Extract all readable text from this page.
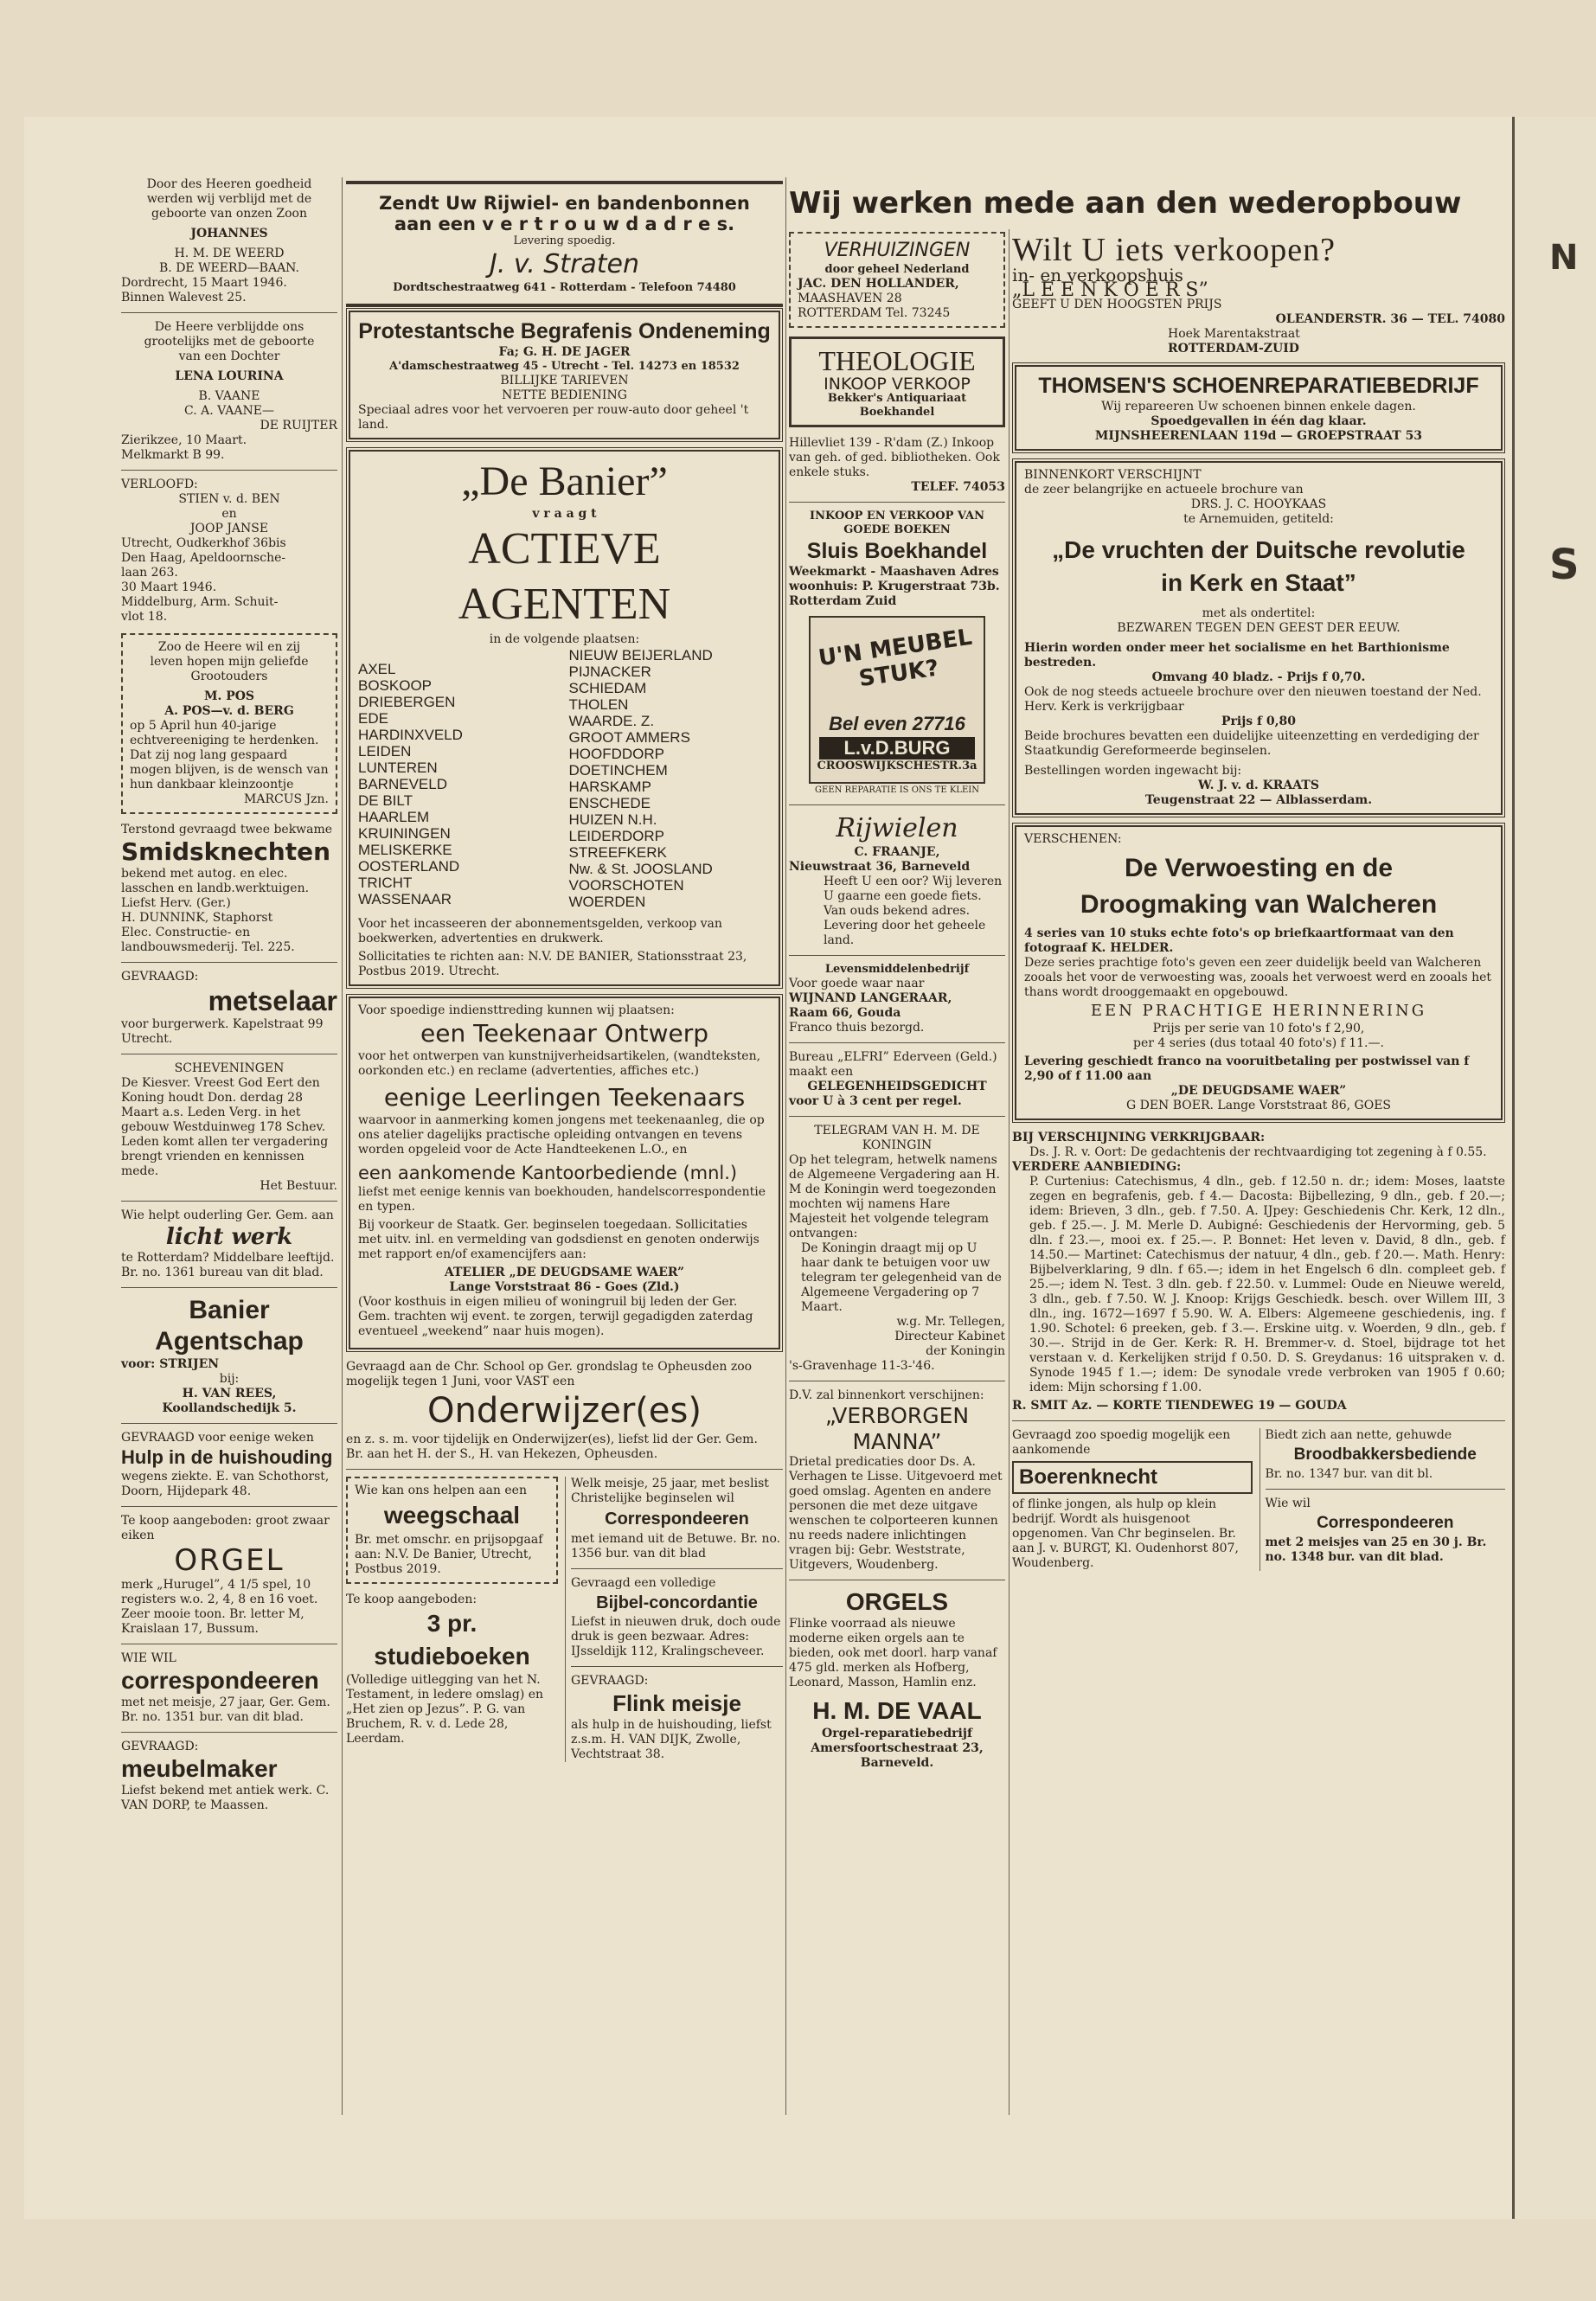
N
S
Door des Heeren goedheid
werden wij verblijd met de
geboorte van onzen Zoon
JOHANNES
H. M. DE WEERD
B. DE WEERD—BAAN.
Dordrecht, 15 Maart 1946.
Binnen Walevest 25.
De Heere verblijdde ons
grootelijks met de geboorte
van een Dochter
LENA LOURINA
B. VAANE
C. A. VAANE—
DE RUIJTER
Zierikzee, 10 Maart.
Melkmarkt B 99.
VERLOOFD:
STIEN v. d. BEN
en
JOOP JANSE
Utrecht, Oudkerkhof 36bis
Den Haag, Apeldoornsche-
laan 263.
30 Maart 1946.
Middelburg, Arm. Schuit-
vlot 18.
Zoo de Heere wil en zij
leven hopen mijn geliefde
Grootouders
M. POS
A. POS—v. d. BERG
op 5 April hun 40-jarige echtvereeniging te herdenken. Dat zij nog lang gespaard mogen blijven, is de wensch van hun dankbaar kleinzoontje
MARCUS Jzn.
Terstond gevraagd twee bekwame
Smidsknechten
bekend met autog. en elec. lasschen en landb.werktuigen. Liefst Herv. (Ger.)
H. DUNNINK, Staphorst
Elec. Constructie- en landbouwsmederij. Tel. 225.
GEVRAAGD:
metselaar
voor burgerwerk. Kapelstraat 99 Utrecht.
SCHEVENINGEN
De Kiesver. Vreest God Eert den Koning houdt Don. derdag 28 Maart a.s. Leden Verg. in het gebouw Westduinweg 178 Schev. Leden komt allen ter vergadering brengt vrienden en kennissen mede.
Het Bestuur.
Wie helpt ouderling Ger. Gem. aan
licht werk
te Rotterdam? Middelbare leeftijd. Br. no. 1361 bureau van dit blad.
Banier Agentschap
voor: STRIJEN
bij:
H. VAN REES,
Koollandschedijk 5.
GEVRAAGD voor eenige weken
Hulp in de huishouding
wegens ziekte. E. van Schothorst, Doorn, Hijdepark 48.
Te koop aangeboden: groot zwaar eiken
ORGEL
merk „Hurugel”, 4 1/5 spel, 10 registers w.o. 2, 4, 8 en 16 voet. Zeer mooie toon. Br. letter M, Kraislaan 17, Bussum.
WIE WIL
correspondeeren
met net meisje, 27 jaar, Ger. Gem. Br. no. 1351 bur. van dit blad.
GEVRAAGD:
meubelmaker
Liefst bekend met antiek werk. C. VAN DORP, te Maassen.
Zendt Uw Rijwiel- en bandenbonnen
aan een v e r t r o u w d a d r e s.
Levering spoedig.
J. v. Straten
Dordtschestraatweg 641 - Rotterdam - Telefoon 74480
Protestantsche Begrafenis Ondeneming
Fa; G. H. DE JAGER
A'damschestraatweg 45 - Utrecht - Tel. 14273 en 18532
BILLIJKE TARIEVEN
NETTE BEDIENING
Speciaal adres voor het vervoeren per rouw-auto door geheel 't land.
„De Banier”
v r a a g t
ACTIEVE AGENTEN
in de volgende plaatsen:
AXEL
BOSKOOP
DRIEBERGEN
EDE
HARDINXVELD
LEIDEN
LUNTEREN
BARNEVELD
DE BILT
HAARLEM
KRUININGEN
MELISKERKE
OOSTERLAND
TRICHT
WASSENAAR
NIEUW BEIJERLAND
PIJNACKER
SCHIEDAM
THOLEN
WAARDE. Z.
GROOT AMMERS
HOOFDDORP
DOETINCHEM
HARSKAMP
ENSCHEDE
HUIZEN N.H.
LEIDERDORP
STREEFKERK
Nw. & St. JOOSLAND
VOORSCHOTEN
WOERDEN
Voor het incasseeren der abonnementsgelden, verkoop van boekwerken, advertenties en drukwerk.
Sollicitaties te richten aan: N.V. DE BANIER, Stationsstraat 23, Postbus 2019. Utrecht.
Voor spoedige indiensttreding kunnen wij plaatsen:
een Teekenaar Ontwerp
voor het ontwerpen van kunstnijverheidsartikelen, (wandteksten, oorkonden etc.) en reclame (advertenties, affiches etc.)
eenige Leerlingen Teekenaars
waarvoor in aanmerking komen jongens met teekenaanleg, die op ons atelier dagelijks practische opleiding ontvangen en tevens worden opgeleid voor de Acte Handteekenen L.O., en
een aankomende Kantoorbediende (mnl.)
liefst met eenige kennis van boekhouden, handelscorrespondentie en typen.
Bij voorkeur de Staatk. Ger. beginselen toegedaan. Sollicitaties met uitv. inl. en vermelding van godsdienst en genoten onderwijs met rapport en/of examencijfers aan:
ATELIER „DE DEUGDSAME WAER”
Lange Vorststraat 86 - Goes (Zld.)
(Voor kosthuis in eigen milieu of woningruil bij leden der Ger. Gem. trachten wij event. te zorgen, terwijl gegadigden zaterdag eventueel „weekend” naar huis mogen).
Gevraagd aan de Chr. School op Ger. grondslag te Opheusden zoo mogelijk tegen 1 Juni, voor VAST een
Onderwijzer(es)
en z. s. m. voor tijdelijk en Onderwijzer(es), liefst lid der Ger. Gem.
Br. aan het H. der S., H. van Hekezen, Opheusden.
Wie kan ons helpen aan een
weegschaal
Br. met omschr. en prijsopgaaf aan: N.V. De Banier, Utrecht, Postbus 2019.
Te koop aangeboden:
3 pr. studieboeken
(Volledige uitlegging van het N. Testament, in ledere omslag) en „Het zien op Jezus”. P. G. van Bruchem, R. v. d. Lede 28, Leerdam.
Welk meisje, 25 jaar, met beslist Christelijke beginselen wil
Correspondeeren
met iemand uit de Betuwe. Br. no. 1356 bur. van dit blad
Gevraagd een volledige
Bijbel-concordantie
Liefst in nieuwen druk, doch oude druk is geen bezwaar. Adres: IJsseldijk 112, Kralingscheveer.
GEVRAAGD:
Flink meisje
als hulp in de huishouding, liefst z.s.m. H. VAN DIJK, Zwolle, Vechtstraat 38.
Wij werken mede aan den wederopbouw
VERHUIZINGEN
door geheel Nederland
JAC. DEN HOLLANDER,
MAASHAVEN 28
ROTTERDAM Tel. 73245
THEOLOGIE
INKOOP VERKOOP
Bekker's Antiquariaat
Boekhandel
Hillevliet 139 - R'dam (Z.) Inkoop van geh. of ged. bibliotheken. Ook enkele stuks.
TELEF. 74053
INKOOP EN VERKOOP VAN GOEDE BOEKEN
Sluis Boekhandel
Weekmarkt - Maashaven Adres woonhuis: P. Krugerstraat 73b. Rotterdam Zuid
U'N MEUBEL STUK?
Bel even 27716
L.v.D.BURG
CROOSWIJKSCHESTR.3a
GEEN REPARATIE IS ONS TE KLEIN
Rijwielen
C. FRAANJE,
Nieuwstraat 36, Barneveld
Heeft U een oor? Wij leveren U gaarne een goede fiets. Van ouds bekend adres. Levering door het geheele land.
Levensmiddelenbedrijf
Voor goede waar naar
WIJNAND LANGERAAR,
Raam 66, Gouda
Franco thuis bezorgd.
Bureau „ELFRI” Ederveen (Geld.) maakt een
GELEGENHEIDSGEDICHT
voor U à 3 cent per regel.
TELEGRAM VAN H. M. DE KONINGIN
Op het telegram, hetwelk namens de Algemeene Vergadering aan H. M de Koningin werd toegezonden mochten wij namens Hare Majesteit het volgende telegram ontvangen:
De Koningin draagt mij op U haar dank te betuigen voor uw telegram ter gelegenheid van de Algemeene Vergadering op 7 Maart.
w.g. Mr. Tellegen,
Directeur Kabinet
der Koningin
's-Gravenhage 11-3-'46.
D.V. zal binnenkort verschijnen:
„VERBORGEN MANNA”
Drietal predicaties door Ds. A. Verhagen te Lisse. Uitgevoerd met goed omslag. Agenten en andere personen die met deze uitgave wenschen te colporteeren kunnen nu reeds nadere inlichtingen vragen bij: Gebr. Weststrate, Uitgevers, Woudenberg.
ORGELS
Flinke voorraad als nieuwe moderne eiken orgels aan te bieden, ook met doorl. harp vanaf 475 gld. merken als Hofberg, Leonard, Masson, Hamlin enz.
H. M. DE VAAL
Orgel-reparatiebedrijf
Amersfoortschestraat 23,
Barneveld.
Wilt U iets verkoopen?
in- en verkoopshuis
„L E E N K O E R S”
GEEFT U DEN HOOGSTEN PRIJS
OLEANDERSTR. 36 — TEL. 74080
Hoek Marentakstraat
ROTTERDAM-ZUID
THOMSEN'S SCHOENREPARATIEBEDRIJF
Wij repareeren Uw schoenen binnen enkele dagen.
Spoedgevallen in één dag klaar.
MIJNSHEERENLAAN 119d — GROEPSTRAAT 53
BINNENKORT VERSCHIJNT
de zeer belangrijke en actueele brochure van
DRS. J. C. HOOYKAAS
te Arnemuiden, getiteld:
„De vruchten der Duitsche revolutie in Kerk en Staat”
met als ondertitel:
BEZWAREN TEGEN DEN GEEST DER EEUW.
Hierin worden onder meer het socialisme en het Barthionisme bestreden.
Omvang 40 bladz. - Prijs f 0,70.
Ook de nog steeds actueele brochure over den nieuwen toestand der Ned. Herv. Kerk is verkrijgbaar
Prijs f 0,80
Beide brochures bevatten een duidelijke uiteenzetting en verdediging der Staatkundig Gereformeerde beginselen.
Bestellingen worden ingewacht bij:
W. J. v. d. KRAATS
Teugenstraat 22 — Alblasserdam.
VERSCHENEN:
De Verwoesting en de Droogmaking van Walcheren
4 series van 10 stuks echte foto's op briefkaartformaat van den fotograaf K. HELDER.
Deze series prachtige foto's geven een zeer duidelijk beeld van Walcheren zooals het voor de verwoesting was, zooals het verwoest werd en zooals het thans wordt drooggemaakt en opgebouwd.
EEN PRACHTIGE HERINNERING
Prijs per serie van 10 foto's f 2,90,
per 4 series (dus totaal 40 foto's) f 11.—.
Levering geschiedt franco na vooruitbetaling per postwissel van f 2,90 of f 11.00 aan
„DE DEUGDSAME WAER”
G DEN BOER. Lange Vorststraat 86, GOES
BIJ VERSCHIJNING VERKRIJGBAAR:
Ds. J. R. v. Oort: De gedachtenis der rechtvaardiging tot zegening à f 0.55.
VERDERE AANBIEDING:
P. Curtenius: Catechismus, 4 dln., geb. f 12.50 n. dr.; idem: Moses, laatste zegen en begrafenis, geb. f 4.— Dacosta: Bijbellezing, 9 dln., geb. f 20.—; idem: Brieven, 3 dln., geb. f 7.50. A. IJpey: Geschiedenis Chr. Kerk, 12 dln., geb. f 25.—. J. M. Merle D. Aubigné: Geschiedenis der Hervorming, geb. 5 dln. f 23.—, mooi ex. f 25.—. P. Bonnet: Het leven v. David, 8 dln., geb. f 14.50.— Martinet: Catechismus der natuur, 4 dln., geb. f 20.—. Math. Henry: Bijbelverklaring, 9 dln. f 65.—; idem in het Engelsch 6 dln. compleet geb. f 25.—; idem N. Test. 3 dln. geb. f 22.50. v. Lummel: Oude en Nieuwe wereld, 3 dln., geb. f 7.50. W. J. Knoop: Krijgs Geschiedk. besch. over Willem III, 3 dln., ing. 1672—1697 f 5.90. W. A. Elbers: Algemeene geschiedenis, ing. f 1.90. Schotel: 6 preeken, geb. f 3.—. Erskine uitg. v. Woerden, 9 dln., geb. f 30.—. Strijd in de Ger. Kerk: R. H. Bremmer-v. d. Stoel, bijdrage tot het verstaan v. d. Kerkelijken strijd f 0.50. D. S. Greydanus: 16 uitspraken v. d. Synode 1945 f 1.—; idem: De synodale vrede verbroken van 1905 f 0.60; idem: Mijn schorsing f 1.00.
R. SMIT Az. — KORTE TIENDEWEG 19 — GOUDA
Gevraagd zoo spoedig mogelijk een aankomende
Boerenknecht
of flinke jongen, als hulp op klein bedrijf. Wordt als huisgenoot opgenomen. Van Chr beginselen. Br. aan J. v. BURGT, Kl. Oudenhorst 807, Woudenberg.
Biedt zich aan nette, gehuwde
Broodbakkersbediende
Br. no. 1347 bur. van dit bl.
Wie wil
Correspondeeren
met 2 meisjes van 25 en 30 j. Br. no. 1348 bur. van dit blad.
